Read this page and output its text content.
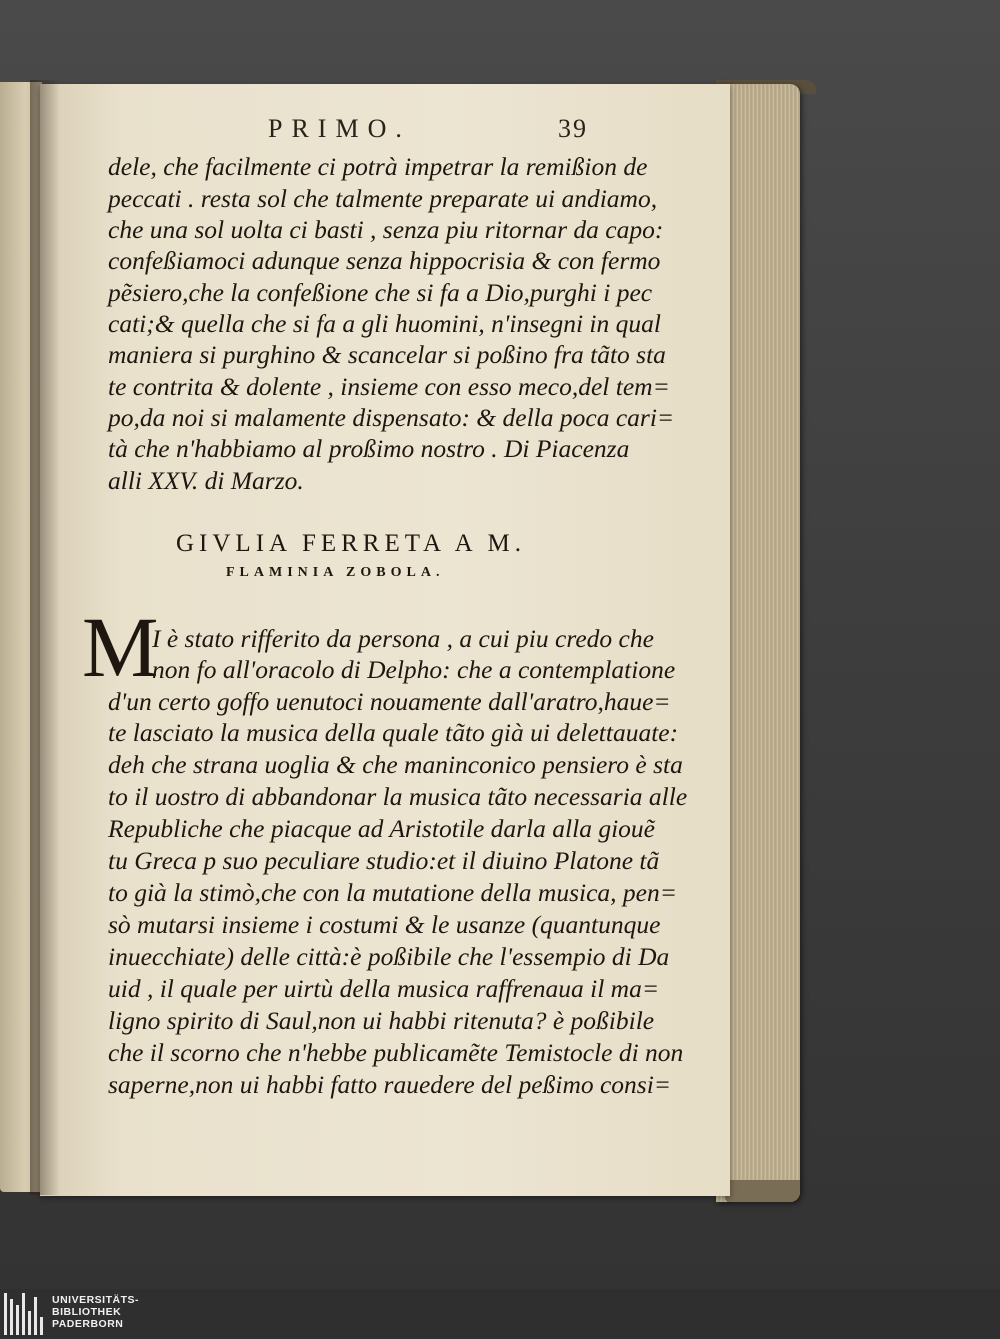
PRIMO.	39
dele, che facilmente ci potrà impetrar la remißion de
peccati . resta sol che talmente preparate ui andiamo,
che una sol uolta ci basti , senza piu ritornar da capo:
confeßiamoci adunque senza hippocrisia & con fermo
pẽsiero,che la confeßione che si fa a Dio,purghi i pec
cati;& quella che si fa a gli huomini, n'insegni in qual
maniera si purghino & scancelar si poßino fra tãto sta
te contrita & dolente , insieme con esso meco,del tem=
po,da noi si malamente dispensato: & della poca cari=
tà che n'habbiamo al proßimo nostro . Di Piacenza
alli XXV. di Marzo.
GIVLIA FERRETA A M.
FLAMINIA ZOBOLA.
M
I è stato rifferito da persona , a cui piu credo che
non fo all'oracolo di Delpho: che a contemplatione
d'un certo goffo uenutoci nouamente dall'aratro,haue=
te lasciato la musica della quale tãto già ui delettauate:
deh che strana uoglia & che maninconico pensiero è sta
to il uostro di abbandonar la musica tãto necessaria alle
Republiche che piacque ad Aristotile darla alla giouẽ
tu Greca p suo peculiare studio:et il diuino Platone tã
to già la stimò,che con la mutatione della musica, pen=
sò mutarsi insieme i costumi & le usanze (quantunque
inuecchiate) delle città:è poßibile che l'essempio di Da
uid , il quale per uirtù della musica raffrenaua il ma=
ligno spirito di Saul,non ui habbi ritenuta? è poßibile
che il scorno che n'hebbe publicamẽte Temistocle di non
saperne,non ui habbi fatto rauedere del peßimo consi=
UNIVERSITÄTS-
BIBLIOTHEK
PADERBORN
